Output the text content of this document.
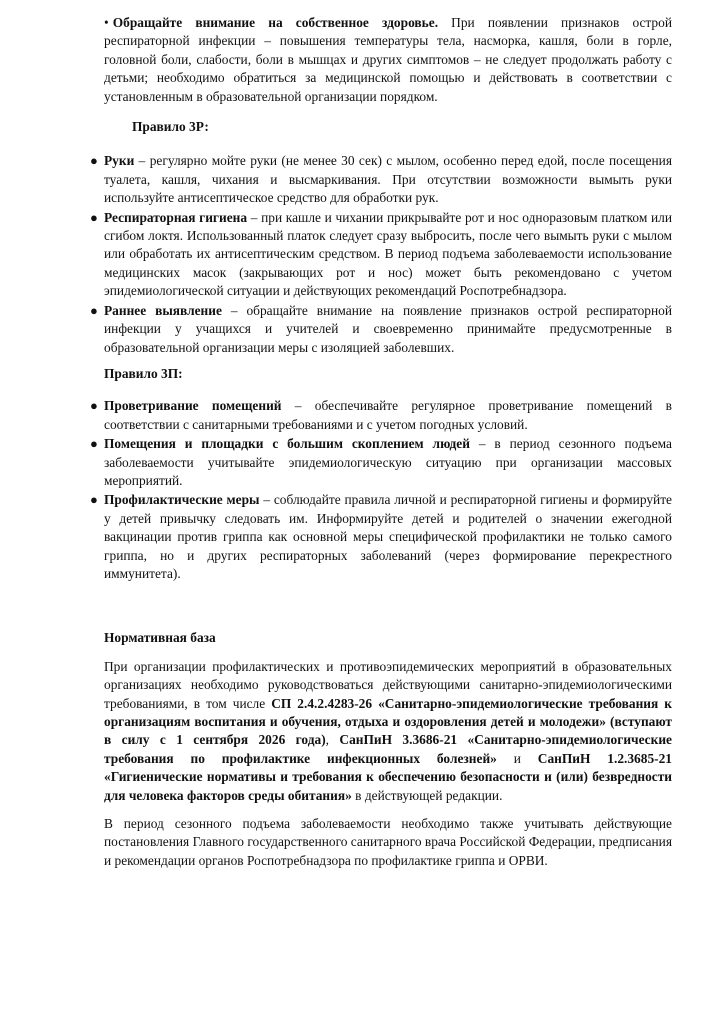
• Обращайте внимание на собственное здоровье. При появлении признаков острой респираторной инфекции – повышения температуры тела, насморка, кашля, боли в горле, головной боли, слабости, боли в мышцах и других симптомов – не следует продолжать работу с детьми; необходимо обратиться за медицинской помощью и действовать в соответствии с установленным в образовательной организации порядком.

Правило 3Р:

● Руки – регулярно мойте руки (не менее 30 сек) с мылом, особенно перед едой, после посещения туалета, кашля, чихания и высмаркивания. При отсутствии возможности вымыть руки используйте антисептическое средство для обработки рук.
● Респираторная гигиена – при кашле и чихании прикрывайте рот и нос одноразовым платком или сгибом локтя. Использованный платок следует сразу выбросить, после чего вымыть руки с мылом или обработать их антисептическим средством. В период подъема заболеваемости использование медицинских масок (закрывающих рот и нос) может быть рекомендовано с учетом эпидемиологической ситуации и действующих рекомендаций Роспотребнадзора.
● Раннее выявление – обращайте внимание на появление признаков острой респираторной инфекции у учащихся и учителей и своевременно принимайте предусмотренные в образовательной организации меры с изоляцией заболевших.

Правило 3П:

● Проветривание помещений – обеспечивайте регулярное проветривание помещений в соответствии с санитарными требованиями и с учетом погодных условий.
● Помещения и площадки с большим скоплением людей – в период сезонного подъема заболеваемости учитывайте эпидемиологическую ситуацию при организации массовых мероприятий.
● Профилактические меры – соблюдайте правила личной и респираторной гигиены и формируйте у детей привычку следовать им. Информируйте детей и родителей о значении ежегодной вакцинации против гриппа как основной меры специфической профилактики не только самого гриппа, но и других респираторных заболеваний (через формирование перекрестного иммунитета).

Нормативная база

При организации профилактических и противоэпидемических мероприятий в образовательных организациях необходимо руководствоваться действующими санитарно-эпидемиологическими требованиями, в том числе СП 2.4.2.4283-26 «Санитарно-эпидемиологические требования к организациям воспитания и обучения, отдыха и оздоровления детей и молодежи» (вступают в силу с 1 сентября 2026 года), СанПиН 3.3686-21 «Санитарно-эпидемиологические требования по профилактике инфекционных болезней» и СанПиН 1.2.3685-21 «Гигиенические нормативы и требования к обеспечению безопасности и (или) безвредности для человека факторов среды обитания» в действующей редакции.

В период сезонного подъема заболеваемости необходимо также учитывать действующие постановления Главного государственного санитарного врача Российской Федерации, предписания и рекомендации органов Роспотребнадзора по профилактике гриппа и ОРВИ.
